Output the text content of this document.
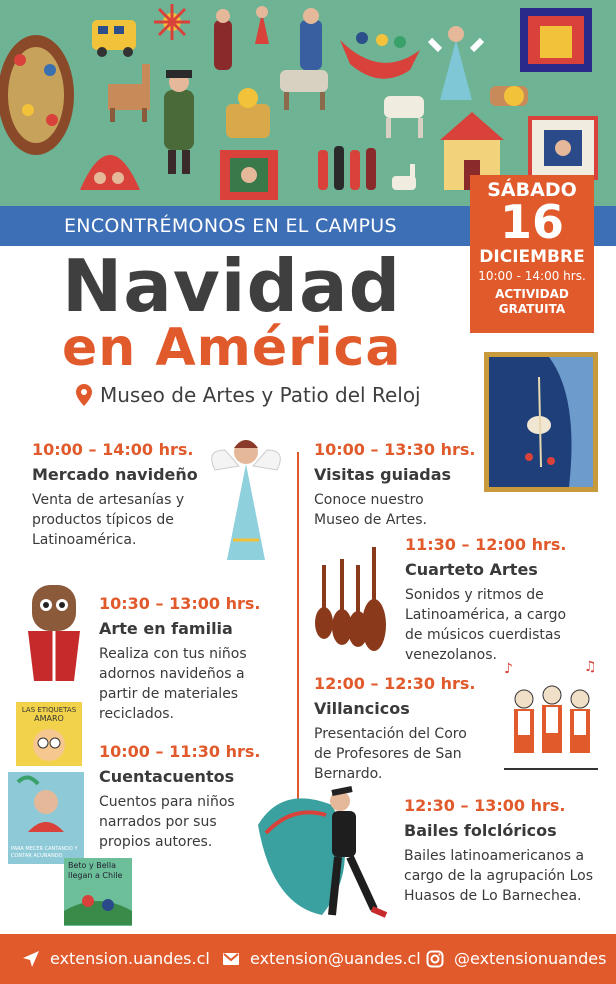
ENCONTRÉMONOS EN EL CAMPUS
SÁBADO
16
DICIEMBRE
10:00 - 14:00 hrs.
ACTIVIDAD
GRATUITA
Navidad
en América
Museo de Artes y Patio del Reloj
10:00 – 14:00 hrs.
Mercado navideño
Venta de artesanías y
productos típicos de
Latinoamérica.
10:30 – 13:00 hrs.
Arte en familia
Realiza con tus niños
adornos navideños a
partir de materiales
reciclados.
10:00 – 11:30 hrs.
Cuentacuentos
Cuentos para niños
narrados por sus
propios autores.
10:00 – 13:30 hrs.
Visitas guiadas
Conoce nuestro
Museo de Artes.
11:30 – 12:00 hrs.
Cuarteto Artes
Sonidos y ritmos de
Latinoamérica, a cargo
de músicos cuerdistas
venezolanos.
12:00 – 12:30 hrs.
Villancicos
Presentación del Coro
de Profesores de San
Bernardo.
12:30 – 13:00 hrs.
Bailes folclóricos
Bailes latinoamericanos a
cargo de la agrupación Los
Huasos de Lo Barnechea.
LAS ETIQUETAS
AMARO
PARA MECER CANTANDO Y CONTAR ACUNANDO
Beto y Bella
llegan a Chile
♪	♫
extension.uandes.cl	extension@uandes.cl @extensionuandes
